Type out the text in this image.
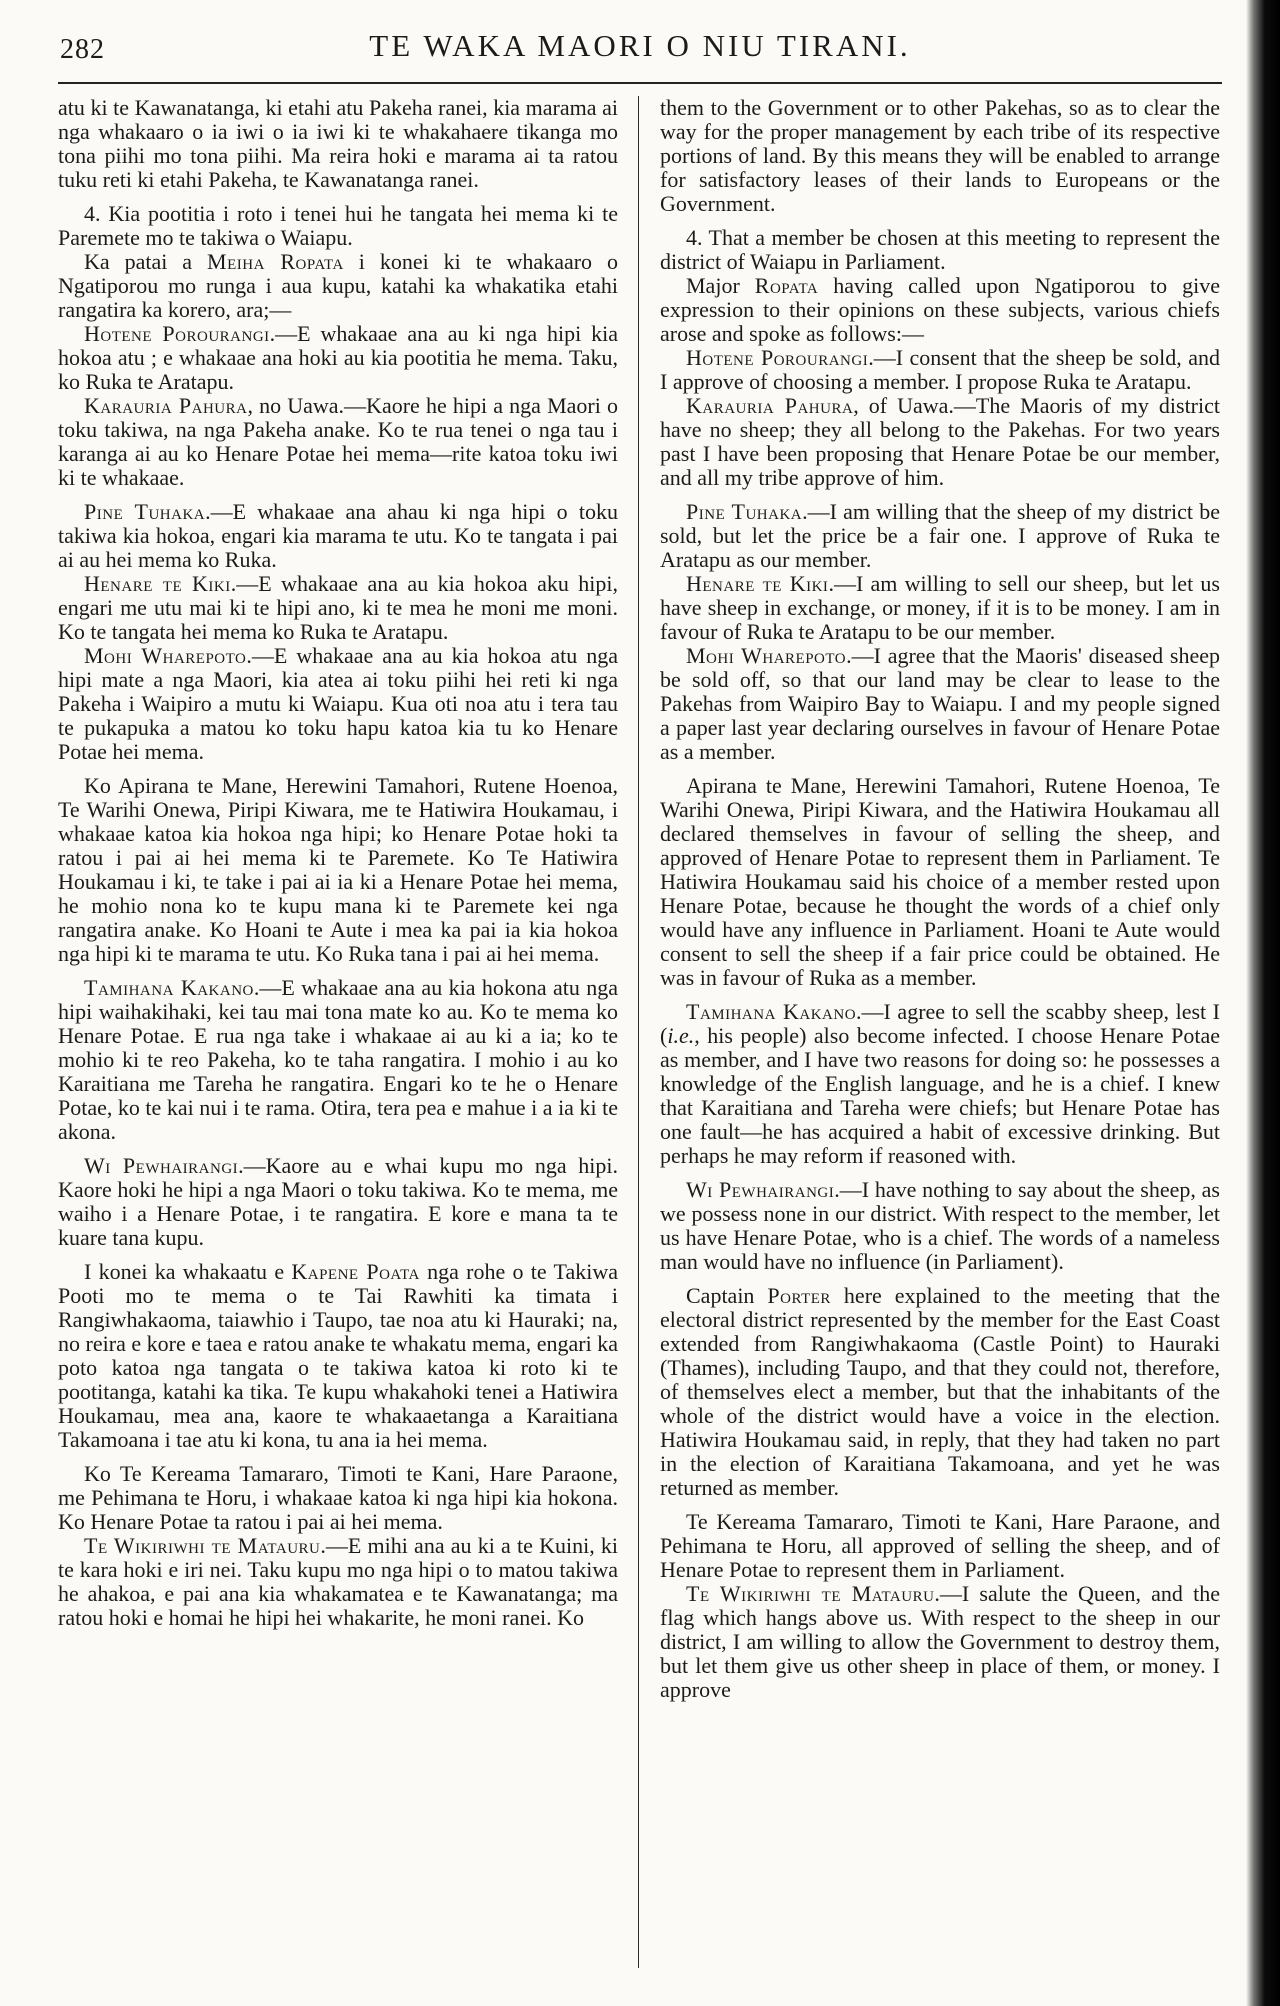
282	TE WAKA MAORI O NIU TIRANI.

atu ki te Kawanatanga, ki etahi atu Pakeha ranei, kia marama ai nga whakaaro o ia iwi o ia iwi ki te whakahaere tikanga mo tona piihi mo tona piihi. Ma reira hoki e marama ai ta ratou tuku reti ki etahi Pakeha, te Kawanatanga ranei.

4. Kia pootitia i roto i tenei hui he tangata hei mema ki te Paremete mo te takiwa o Waiapu.

Ka patai a Meiha Ropata i konei ki te whakaaro o Ngatiporou mo runga i aua kupu, katahi ka whakatika etahi rangatira ka korero, ara;—

Hotene Porourangi.—E whakaae ana au ki nga hipi kia hokoa atu ; e whakaae ana hoki au kia pootitia he mema. Taku, ko Ruka te Aratapu.

Karauria Pahura, no Uawa.—Kaore he hipi a nga Maori o toku takiwa, na nga Pakeha anake. Ko te rua tenei o nga tau i karanga ai au ko Henare Potae hei mema—rite katoa toku iwi ki te whakaae.

Pine Tuhaka.—E whakaae ana ahau ki nga hipi o toku takiwa kia hokoa, engari kia marama te utu. Ko te tangata i pai ai au hei mema ko Ruka.

Henare te Kiki.—E whakaae ana au kia hokoa aku hipi, engari me utu mai ki te hipi ano, ki te mea he moni me moni. Ko te tangata hei mema ko Ruka te Aratapu.

Mohi Wharepoto.—E whakaae ana au kia hokoa atu nga hipi mate a nga Maori, kia atea ai toku piihi hei reti ki nga Pakeha i Waipiro a mutu ki Waiapu. Kua oti noa atu i tera tau te pukapuka a matou ko toku hapu katoa kia tu ko Henare Potae hei mema.

Ko Apirana te Mane, Herewini Tamahori, Rutene Hoenoa, Te Warihi Onewa, Piripi Kiwara, me te Hatiwira Houkamau, i whakaae katoa kia hokoa nga hipi; ko Henare Potae hoki ta ratou i pai ai hei mema ki te Paremete. Ko Te Hatiwira Houkamau i ki, te take i pai ai ia ki a Henare Potae hei mema, he mohio nona ko te kupu mana ki te Paremete kei nga rangatira anake. Ko Hoani te Aute i mea ka pai ia kia hokoa nga hipi ki te marama te utu. Ko Ruka tana i pai ai hei mema.

Tamihana Kakano.—E whakaae ana au kia hokona atu nga hipi waihakihaki, kei tau mai tona mate ko au. Ko te mema ko Henare Potae. E rua nga take i whakaae ai au ki a ia; ko te mohio ki te reo Pakeha, ko te taha rangatira. I mohio i au ko Karaitiana me Tareha he rangatira. Engari ko te he o Henare Potae, ko te kai nui i te rama. Otira, tera pea e mahue i a ia ki te akona.

Wi Pewhairangi.—Kaore au e whai kupu mo nga hipi. Kaore hoki he hipi a nga Maori o toku takiwa. Ko te mema, me waiho i a Henare Potae, i te rangatira. E kore e mana ta te kuare tana kupu.

I konei ka whakaatu e Kapene Poata nga rohe o te Takiwa Pooti mo te mema o te Tai Rawhiti ka timata i Rangiwhakaoma, taiawhio i Taupo, tae noa atu ki Hauraki; na, no reira e kore e taea e ratou anake te whakatu mema, engari ka poto katoa nga tangata o te takiwa katoa ki roto ki te pootitanga, katahi ka tika. Te kupu whakahoki tenei a Hatiwira Houkamau, mea ana, kaore te whakaaetanga a Karaitiana Takamoana i tae atu ki kona, tu ana ia hei mema.

Ko Te Kereama Tamararo, Timoti te Kani, Hare Paraone, me Pehimana te Horu, i whakaae katoa ki nga hipi kia hokona. Ko Henare Potae ta ratou i pai ai hei mema.

Te Wikiriwhi te Matauru.—E mihi ana au ki a te Kuini, ki te kara hoki e iri nei. Taku kupu mo nga hipi o to matou takiwa he ahakoa, e pai ana kia whakamatea e te Kawanatanga; ma ratou hoki e homai he hipi hei whakarite, he moni ranei. Ko

them to the Government or to other Pakehas, so as to clear the way for the proper management by each tribe of its respective portions of land. By this means they will be enabled to arrange for satisfactory leases of their lands to Europeans or the Government.

4. That a member be chosen at this meeting to represent the district of Waiapu in Parliament.

Major Ropata having called upon Ngatiporou to give expression to their opinions on these subjects, various chiefs arose and spoke as follows:—

Hotene Porourangi.—I consent that the sheep be sold, and I approve of choosing a member. I propose Ruka te Aratapu.

Karauria Pahura, of Uawa.—The Maoris of my district have no sheep; they all belong to the Pakehas. For two years past I have been proposing that Henare Potae be our member, and all my tribe approve of him.

Pine Tuhaka.—I am willing that the sheep of my district be sold, but let the price be a fair one. I approve of Ruka te Aratapu as our member.

Henare te Kiki.—I am willing to sell our sheep, but let us have sheep in exchange, or money, if it is to be money. I am in favour of Ruka te Aratapu to be our member.

Mohi Wharepoto.—I agree that the Maoris' diseased sheep be sold off, so that our land may be clear to lease to the Pakehas from Waipiro Bay to Waiapu. I and my people signed a paper last year declaring ourselves in favour of Henare Potae as a member.

Apirana te Mane, Herewini Tamahori, Rutene Hoenoa, Te Warihi Onewa, Piripi Kiwara, and the Hatiwira Houkamau all declared themselves in favour of selling the sheep, and approved of Henare Potae to represent them in Parliament. Te Hatiwira Houkamau said his choice of a member rested upon Henare Potae, because he thought the words of a chief only would have any influence in Parliament. Hoani te Aute would consent to sell the sheep if a fair price could be obtained. He was in favour of Ruka as a member.

Tamihana Kakano.—I agree to sell the scabby sheep, lest I (i.e., his people) also become infected. I choose Henare Potae as member, and I have two reasons for doing so: he possesses a knowledge of the English language, and he is a chief. I knew that Karaitiana and Tareha were chiefs; but Henare Potae has one fault—he has acquired a habit of excessive drinking. But perhaps he may reform if reasoned with.

Wi Pewhairangi.—I have nothing to say about the sheep, as we possess none in our district. With respect to the member, let us have Henare Potae, who is a chief. The words of a nameless man would have no influence (in Parliament).

Captain Porter here explained to the meeting that the electoral district represented by the member for the East Coast extended from Rangiwhakaoma (Castle Point) to Hauraki (Thames), including Taupo, and that they could not, therefore, of themselves elect a member, but that the inhabitants of the whole of the district would have a voice in the election. Hatiwira Houkamau said, in reply, that they had taken no part in the election of Karaitiana Takamoana, and yet he was returned as member.

Te Kereama Tamararo, Timoti te Kani, Hare Paraone, and Pehimana te Horu, all approved of selling the sheep, and of Henare Potae to represent them in Parliament.

Te Wikiriwhi te Matauru.—I salute the Queen, and the flag which hangs above us. With respect to the sheep in our district, I am willing to allow the Government to destroy them, but let them give us other sheep in place of them, or money. I approve
